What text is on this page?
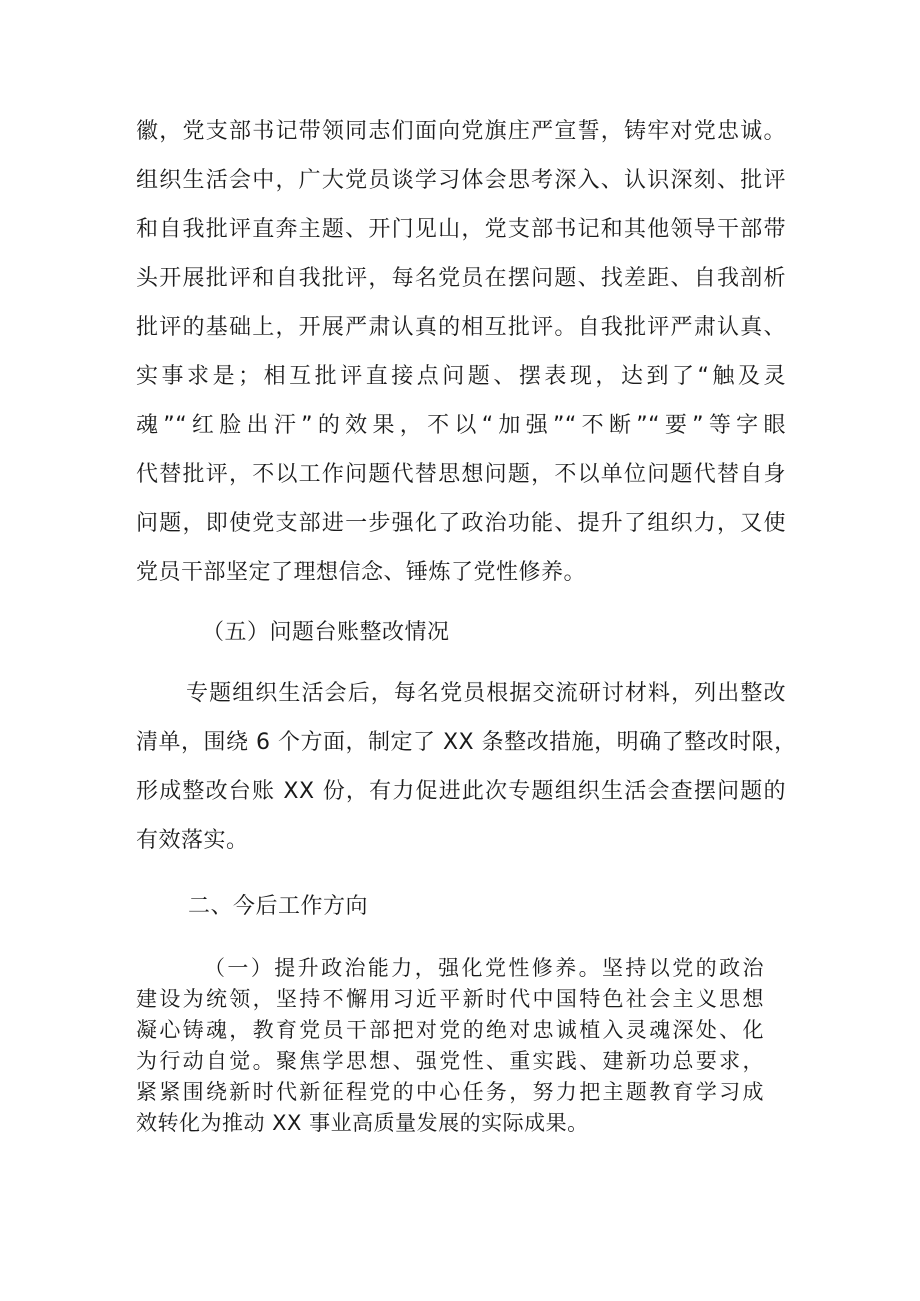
徽，党支部书记带领同志们面向党旗庄严宣誓，铸牢对党忠诚。
组织生活会中，广大党员谈学习体会思考深入、认识深刻、批评
和自我批评直奔主题、开门见山，党支部书记和其他领导干部带
头开展批评和自我批评，每名党员在摆问题、找差距、自我剖析
批评的基础上，开展严肃认真的相互批评。自我批评严肃认真、
实事求是；相互批评直接点问题、摆表现，达到了“触及灵
魂”“红脸出汗”的效果，不以“加强”“不断”“要”等字眼
代替批评，不以工作问题代替思想问题，不以单位问题代替自身
问题，即使党支部进一步强化了政治功能、提升了组织力，又使
党员干部坚定了理想信念、锤炼了党性修养。
（五）问题台账整改情况
专题组织生活会后，每名党员根据交流研讨材料，列出整改
清单，围绕 6 个方面，制定了 XX 条整改措施，明确了整改时限，
形成整改台账 XX 份，有力促进此次专题组织生活会查摆问题的
有效落实。
二、今后工作方向
（一）提升政治能力，强化党性修养。坚持以党的政治
建设为统领，坚持不懈用习近平新时代中国特色社会主义思想
凝心铸魂，教育党员干部把对党的绝对忠诚植入灵魂深处、化
为行动自觉。聚焦学思想、强党性、重实践、建新功总要求，
紧紧围绕新时代新征程党的中心任务，努力把主题教育学习成
效转化为推动 XX 事业高质量发展的实际成果。
